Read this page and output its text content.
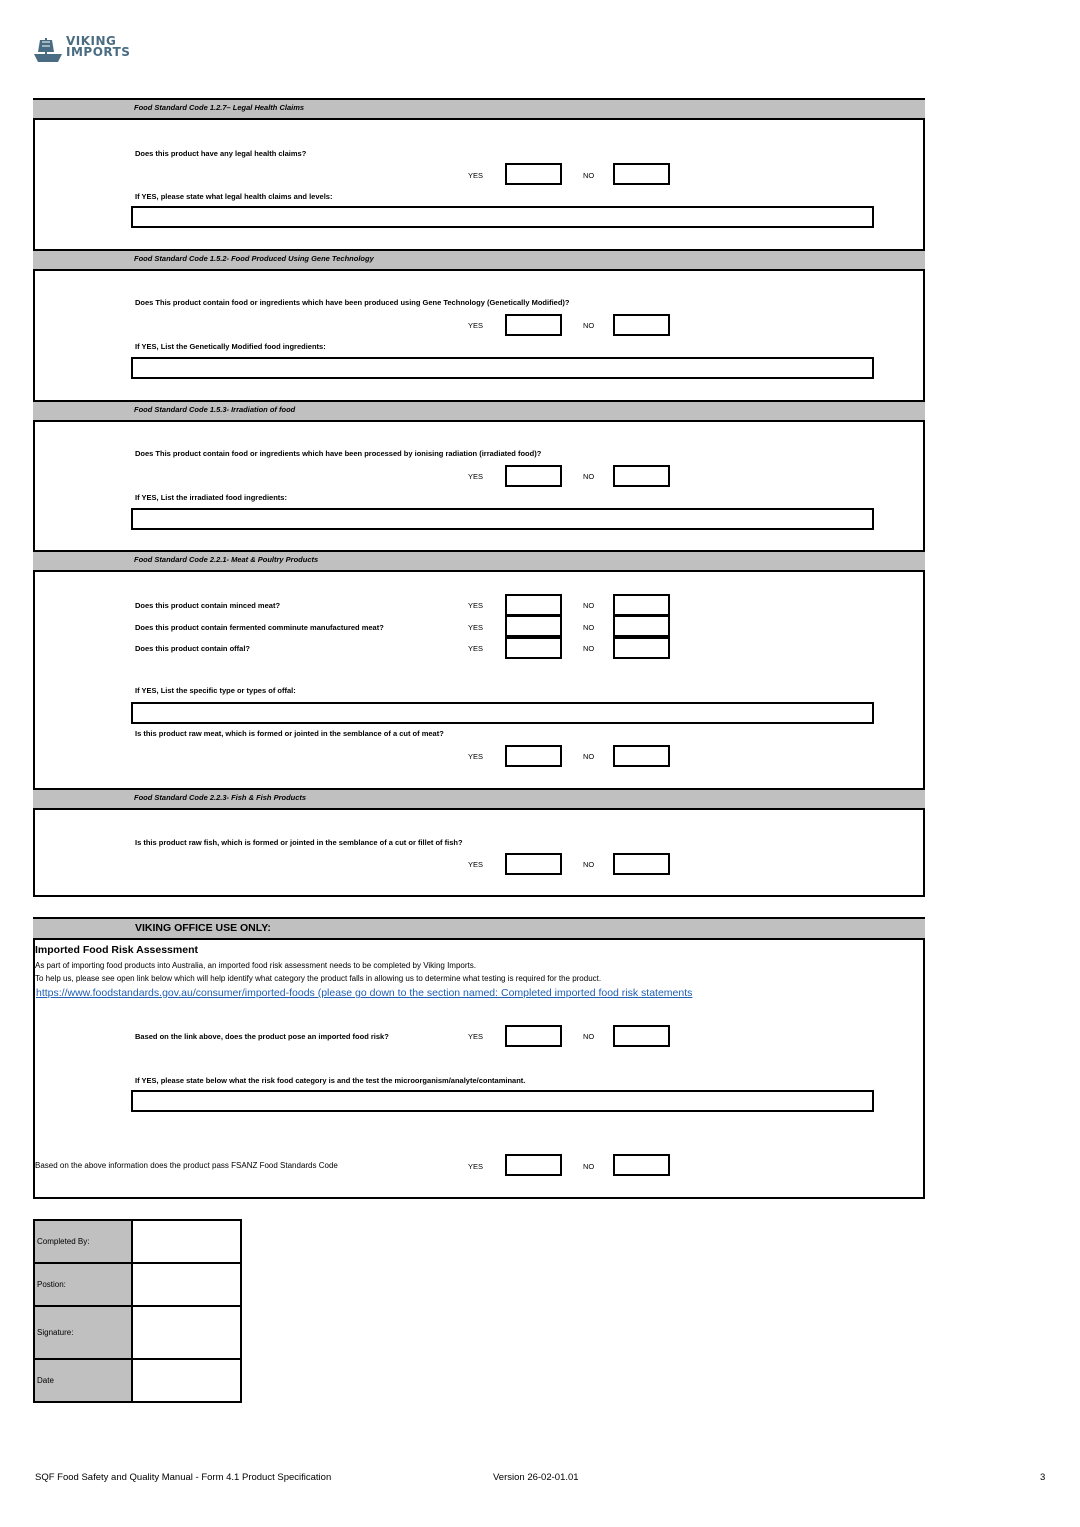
VIKING
IMPORTS
Food Standard Code 1.2.7– Legal Health Claims
Does this product have any legal health claims?
YES	NO
If YES, please state what legal health claims and levels:
Food Standard Code 1.5.2- Food Produced Using Gene Technology
Does This product contain food or ingredients which have been produced using Gene Technology (Genetically Modified)?
YES	NO
If YES, List the Genetically Modified food ingredients:
Food Standard Code 1.5.3- Irradiation of food
Does This product contain food or ingredients which have been processed by ionising radiation (irradiated food)?
YES	NO
If YES, List the irradiated food ingredients:
Food Standard Code 2.2.1- Meat & Poultry Products
Does this product contain minced meat?	YES	NO
Does this product contain fermented comminute manufactured meat?	YES	NO
Does this product contain offal?	YES	NO
If YES, List the specific type or types of offal:
Is this product raw meat, which is formed or jointed in the semblance of a cut of meat?
YES	NO
Food Standard Code 2.2.3- Fish & Fish Products
Is this product raw fish, which is formed or jointed in the semblance of a cut or fillet of fish?
YES	NO
VIKING OFFICE USE ONLY:
Imported Food Risk Assessment
As part of importing food products into Australia, an imported food risk assessment needs to be completed by Viking Imports.
To help us, please see open link below which will help identify what category the product falls in allowing us to determine what testing is required for the product.
https://www.foodstandards.gov.au/consumer/imported-foods (please go down to the section named: Completed imported food risk statements
Based on the link above, does the product pose an imported food risk?	YES	NO
If YES, please state below what the risk food category is and the test the microorganism/analyte/contaminant.
Based on the above information does the product pass FSANZ Food Standards Code	YES	NO
Completed By:
Postion:
Signature:
Date
SQF Food Safety and Quality Manual - Form 4.1 Product Specification	Version 26-02-01.01	3
